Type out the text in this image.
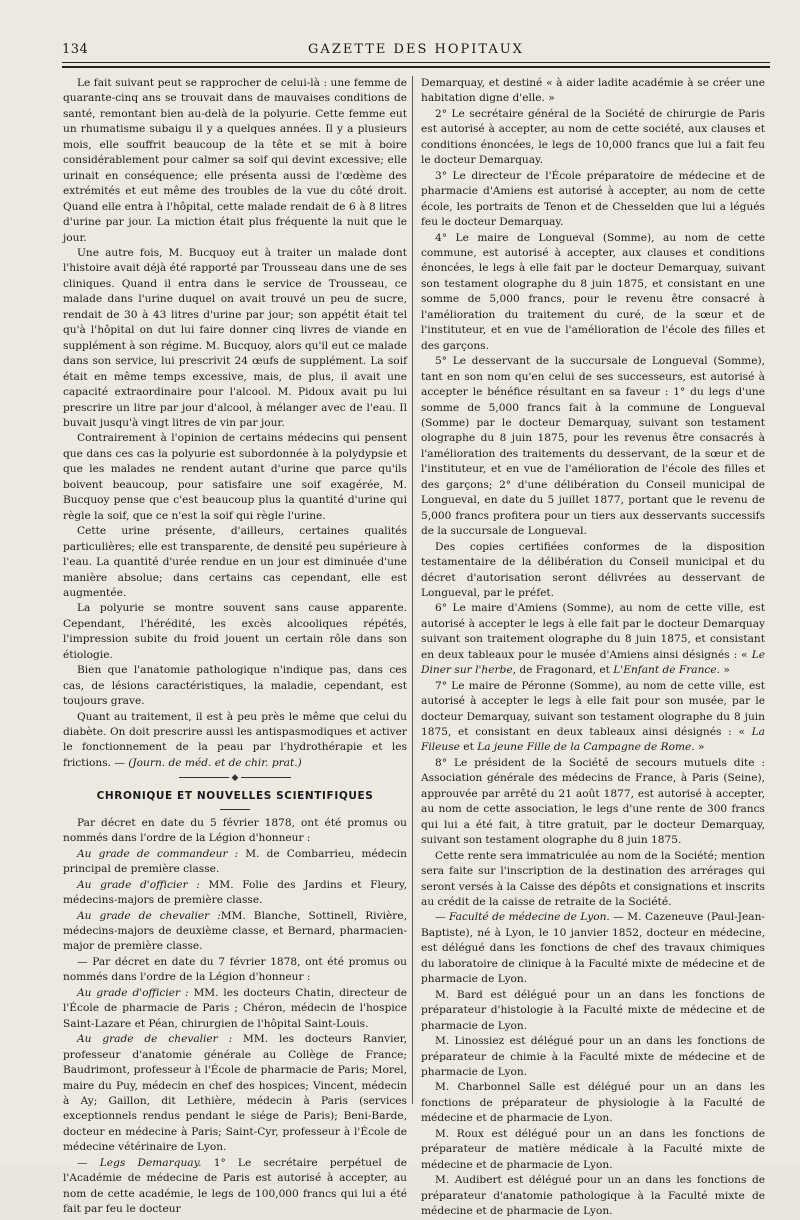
134	GAZETTE DES HOPITAUX

Le fait suivant peut se rapprocher de celui-là : une femme de quarante-cinq ans se trouvait dans de mauvaises conditions de santé, remontant bien au-delà de la polyurie. Cette femme eut un rhumatisme subaigu il y a quelques années. Il y a plusieurs mois, elle souffrit beaucoup de la tête et se mit à boire considérablement pour calmer sa soif qui devint excessive; elle urinait en conséquence; elle présenta aussi de l'œdème des extrémités et eut même des troubles de la vue du côté droit. Quand elle entra à l'hôpital, cette malade rendait de 6 à 8 litres d'urine par jour. La miction était plus fréquente la nuit que le jour.

Une autre fois, M. Bucquoy eut à traiter un malade dont l'histoire avait déjà été rapporté par Trousseau dans une de ses cliniques. Quand il entra dans le service de Trousseau, ce malade dans l'urine duquel on avait trouvé un peu de sucre, rendait de 30 à 43 litres d'urine par jour; son appétit était tel qu'à l'hôpital on dut lui faire donner cinq livres de viande en supplément à son régime. M. Bucquoy, alors qu'il eut ce malade dans son service, lui prescrivit 24 œufs de supplément. La soif était en même temps excessive, mais, de plus, il avait une capacité extraordinaire pour l'alcool. M. Pidoux avait pu lui prescrire un litre par jour d'alcool, à mélanger avec de l'eau. Il buvait jusqu'à vingt litres de vin par jour.

Contrairement à l'opinion de certains médecins qui pensent que dans ces cas la polyurie est subordonnée à la polydypsie et que les malades ne rendent autant d'urine que parce qu'ils boivent beaucoup, pour satisfaire une soif exagérée, M. Bucquoy pense que c'est beaucoup plus la quantité d'urine qui règle la soif, que ce n'est la soif qui règle l'urine.

Cette urine présente, d'ailleurs, certaines qualités particulières; elle est transparente, de densité peu supérieure à l'eau. La quantité d'urée rendue en un jour est diminuée d'une manière absolue; dans certains cas cependant, elle est augmentée.

La polyurie se montre souvent sans cause apparente. Cependant, l'hérédité, les excès alcooliques répétés, l'impression subite du froid jouent un certain rôle dans son étiologie.

Bien que l'anatomie pathologique n'indique pas, dans ces cas, de lésions caractéristiques, la maladie, cependant, est toujours grave.

Quant au traitement, il est à peu près le même que celui du diabète. On doit prescrire aussi les antispasmodiques et activer le fonctionnement de la peau par l'hydrothérapie et les frictions. — (Journ. de méd. et de chir. prat.)

◆
CHRONIQUE ET NOUVELLES SCIENTIFIQUES

Par décret en date du 5 février 1878, ont été promus ou nommés dans l'ordre de la Légion d'honneur :

Au grade de commandeur : M. de Combarrieu, médecin principal de première classe.

Au grade d'officier : MM. Folie des Jardins et Fleury, médecins-majors de première classe.

Au grade de chevalier :MM. Blanche, Sottinell, Rivière, médecins-majors de deuxième classe, et Bernard, pharmacien-major de première classe.

— Par décret en date du 7 février 1878, ont été promus ou nommés dans l'ordre de la Légion d'honneur :

Au grade d'officier : MM. les docteurs Chatin, directeur de l'École de pharmacie de Paris ; Chéron, médecin de l'hospice Saint-Lazare et Péan, chirurgien de l'hôpital Saint-Louis.

Au grade de chevalier : MM. les docteurs Ranvier, professeur d'anatomie générale au Collège de France; Baudrimont, professeur à l'École de pharmacie de Paris; Morel, maire du Puy, médecin en chef des hospices; Vincent, médecin à Ay; Gaillon, dit Lethière, médecin à Paris (services exceptionnels rendus pendant le siége de Paris); Beni-Barde, docteur en médecine à Paris; Saint-Cyr, professeur à l'École de médecine vétérinaire de Lyon.

— Legs Demarquay. 1° Le secrétaire perpétuel de l'Académie de médecine de Paris est autorisé à accepter, au nom de cette académie, le legs de 100,000 francs qui lui a été fait par feu le docteur

Demarquay, et destiné « à aider ladite académie à se créer une habitation digne d'elle. »

2° Le secrétaire général de la Société de chirurgie de Paris est autorisé à accepter, au nom de cette société, aux clauses et conditions énoncées, le legs de 10,000 francs que lui a fait feu le docteur Demarquay.

3° Le directeur de l'École préparatoire de médecine et de pharmacie d'Amiens est autorisé à accepter, au nom de cette école, les portraits de Tenon et de Chesselden que lui a légués feu le docteur Demarquay.

4° Le maire de Longueval (Somme), au nom de cette commune, est autorisé à accepter, aux clauses et conditions énoncées, le legs à elle fait par le docteur Demarquay, suivant son testament olographe du 8 juin 1875, et consistant en une somme de 5,000 francs, pour le revenu être consacré à l'amélioration du traitement du curé, de la sœur et de l'instituteur, et en vue de l'amélioration de l'école des filles et des garçons.

5° Le desservant de la succursale de Longueval (Somme), tant en son nom qu'en celui de ses successeurs, est autorisé à accepter le bénéfice résultant en sa faveur : 1° du legs d'une somme de 5,000 francs fait à la commune de Longueval (Somme) par le docteur Demarquay, suivant son testament olographe du 8 juin 1875, pour les revenus être consacrés à l'amélioration des traitements du desservant, de la sœur et de l'instituteur, et en vue de l'amélioration de l'école des filles et des garçons; 2° d'une délibération du Conseil municipal de Longueval, en date du 5 juillet 1877, portant que le revenu de 5,000 francs profitera pour un tiers aux desservants successifs de la succursale de Longueval.

Des copies certifiées conformes de la disposition testamentaire de la délibération du Conseil municipal et du décret d'autorisation seront délivrées au desservant de Longueval, par le préfet.

6° Le maire d'Amiens (Somme), au nom de cette ville, est autorisé à accepter le legs à elle fait par le docteur Demarquay suivant son traitement olographe du 8 juin 1875, et consistant en deux tableaux pour le musée d'Amiens ainsi désignés : « Le Diner sur l'herbe, de Fragonard, et L'Enfant de France. »

7° Le maire de Péronne (Somme), au nom de cette ville, est autorisé à accepter le legs à elle fait pour son musée, par le docteur Demarquay, suivant son testament olographe du 8 juin 1875, et consistant en deux tableaux ainsi désignés : « La Fileuse et La jeune Fille de la Campagne de Rome. »

8° Le président de la Société de secours mutuels dite : Association générale des médecins de France, à Paris (Seine), approuvée par arrêté du 21 août 1877, est autorisé à accepter, au nom de cette association, le legs d'une rente de 300 francs qui lui a été fait, à titre gratuit, par le docteur Demarquay, suivant son testament olographe du 8 juin 1875.

Cette rente sera immatriculée au nom de la Société; mention sera faite sur l'inscription de la destination des arrérages qui seront versés à la Caisse des dépôts et consignations et inscrits au crédit de la caisse de retraite de la Société.

— Faculté de médecine de Lyon. — M. Cazeneuve (Paul-Jean-Baptiste), né à Lyon, le 10 janvier 1852, docteur en médecine, est délégué dans les fonctions de chef des travaux chimiques du laboratoire de clinique à la Faculté mixte de médecine et de pharmacie de Lyon.

M. Bard est délégué pour un an dans les fonctions de préparateur d'histologie à la Faculté mixte de médecine et de pharmacie de Lyon.

M. Linossiez est délégué pour un an dans les fonctions de préparateur de chimie à la Faculté mixte de médecine et de pharmacie de Lyon.

M. Charbonnel Salle est délégué pour un an dans les fonctions de préparateur de physiologie à la Faculté de médecine et de pharmacie de Lyon.

M. Roux est délégué pour un an dans les fonctions de préparateur de matière médicale à la Faculté mixte de médecine et de pharmacie de Lyon.

M. Audibert est délégué pour un an dans les fonctions de préparateur d'anatomie pathologique à la Faculté mixte de médecine et de pharmacie de Lyon.
